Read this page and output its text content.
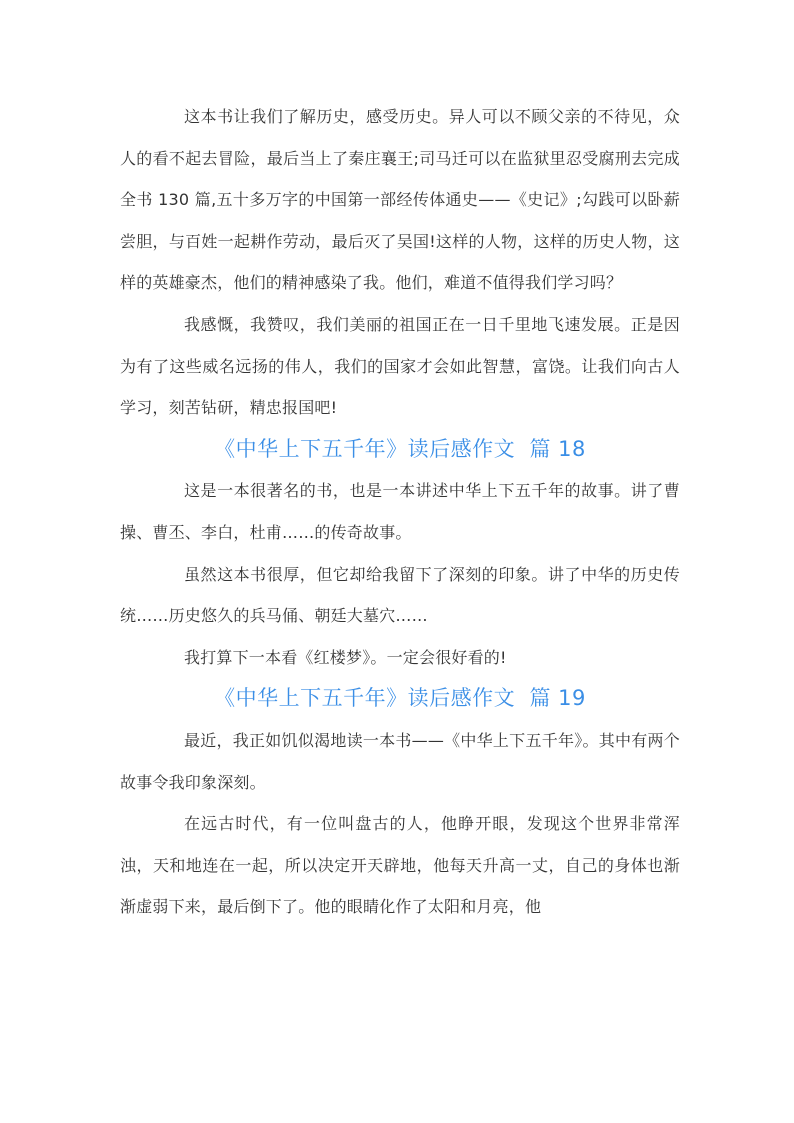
这本书让我们了解历史，感受历史。异人可以不顾父亲的不待见，众人的看不起去冒险，最后当上了秦庄襄王;司马迁可以在监狱里忍受腐刑去完成全书 130 篇,五十多万字的中国第一部经传体通史——《史记》;勾践可以卧薪尝胆，与百姓一起耕作劳动，最后灭了吴国!这样的人物，这样的历史人物，这样的英雄豪杰，他们的精神感染了我。他们，难道不值得我们学习吗？

我感慨，我赞叹，我们美丽的祖国正在一日千里地飞速发展。正是因为有了这些威名远扬的伟人，我们的国家才会如此智慧，富饶。让我们向古人学习，刻苦钻研，精忠报国吧!

《中华上下五千年》读后感作文  篇 18

这是一本很著名的书，也是一本讲述中华上下五千年的故事。讲了曹操、曹丕、李白，杜甫……的传奇故事。

虽然这本书很厚，但它却给我留下了深刻的印象。讲了中华的历史传统……历史悠久的兵马俑、朝廷大墓穴……

我打算下一本看《红楼梦》。一定会很好看的!

《中华上下五千年》读后感作文  篇 19

最近，我正如饥似渴地读一本书——《中华上下五千年》。其中有两个故事令我印象深刻。

在远古时代，有一位叫盘古的人，他睁开眼，发现这个世界非常浑浊，天和地连在一起，所以决定开天辟地，他每天升高一丈，自己的身体也渐渐虚弱下来，最后倒下了。他的眼睛化作了太阳和月亮，他
